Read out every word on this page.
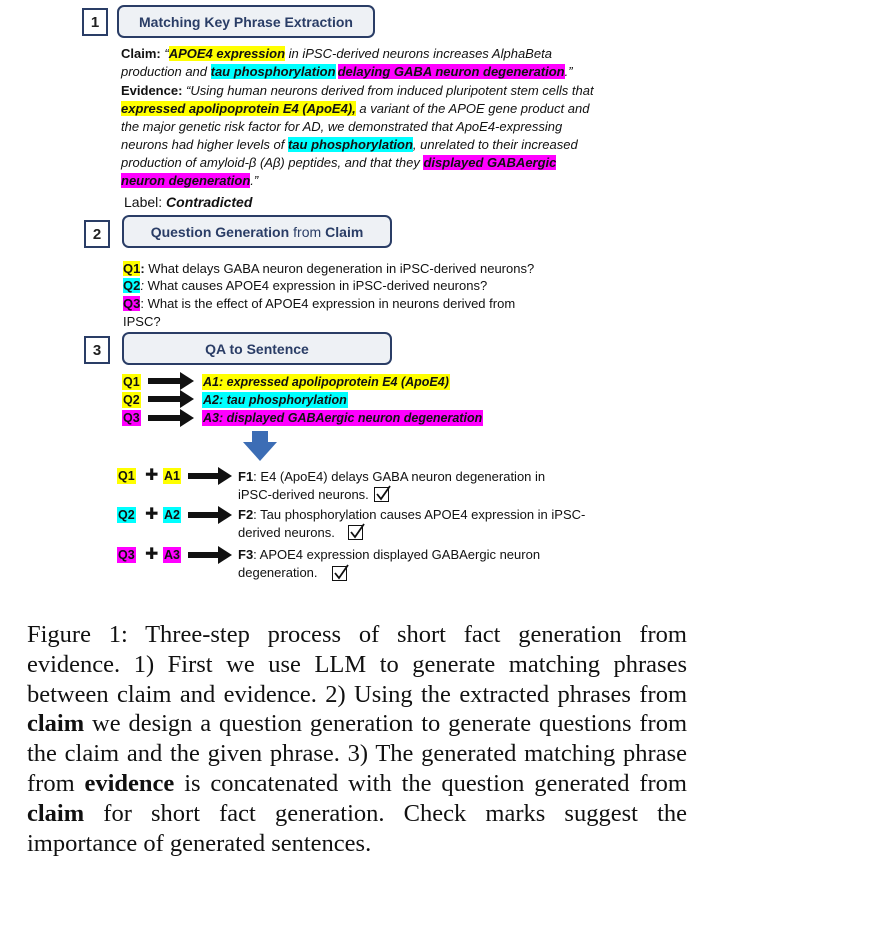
1	Matching Key Phrase Extraction
Claim: “APOE4 expression in iPSC-derived neurons increases AlphaBeta
production and tau phosphorylation delaying GABA neuron degeneration.”
Evidence: “Using human neurons derived from induced pluripotent stem cells that
expressed apolipoprotein E4 (ApoE4), a variant of the APOE gene product and
the major genetic risk factor for AD, we demonstrated that ApoE4-expressing
neurons had higher levels of tau phosphorylation, unrelated to their increased
production of amyloid-β (Aβ) peptides, and that they displayed GABAergic
neuron degeneration.”
Label: Contradicted
2	Question Generation from Claim
Q1: What delays GABA neuron degeneration in iPSC-derived neurons?
Q2: What causes APOE4 expression in iPSC-derived neurons?
Q3: What is the effect of APOE4 expression in neurons derived from
IPSC?
3	QA to Sentence
Q1	A1: expressed apolipoprotein E4 (ApoE4)
Q2	A2: tau phosphorylation
Q3	A3: displayed GABAergic neuron degeneration
Q1 ✚ A1	F1: E4 (ApoE4) delays GABA neuron degeneration in
iPSC-derived neurons.
Q2 ✚ A2	F2: Tau phosphorylation causes APOE4 expression in iPSC-
derived neurons.
Q3 ✚ A3	F3: APOE4 expression displayed GABAergic neuron
degeneration.
Figure 1: Three-step process of short fact generation from evidence. 1) First we use LLM to generate matching phrases between claim and evidence. 2) Using the extracted phrases from claim we design a question generation to generate questions from the claim and the given phrase. 3) The generated matching phrase from evidence is concatenated with the question generated from claim for short fact generation. Check marks suggest the importance of generated sentences.
